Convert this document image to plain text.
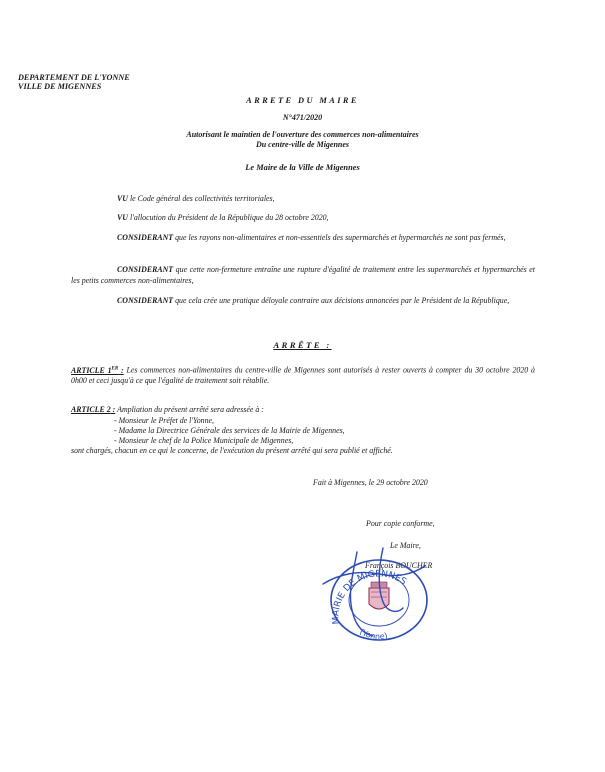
DEPARTEMENT DE L'YONNE
VILLE DE MIGENNES
ARRETE DU MAIRE
N°471/2020
Autorisant le maintien de l'ouverture des commerces non-alimentaires
Du centre-ville de Migennes
Le Maire de la Ville de Migennes
VU le Code général des collectivités territoriales,
VU l'allocution du Président de la République du 28 octobre 2020,
CONSIDERANT que les rayons non-alimentaires et non-essentiels des supermarchés et hypermarchés ne sont pas fermés,
CONSIDERANT que cette non-fermeture entraîne une rupture d'égalité de traitement entre les supermarchés et hypermarchés et les petits commerces non-alimentaires,
CONSIDERANT que cela crée une pratique déloyale contraire aux décisions annoncées par le Président de la République,
ARRÊTE :
ARTICLE 1ER : Les commerces non-alimentaires du centre-ville de Migennes sont autorisés à rester ouverts à compter du 30 octobre 2020 à 0h00 et ceci jusqu'à ce que l'égalité de traitement soit rétablie.
ARTICLE 2 : Ampliation du présent arrêté sera adressée à :
- Monsieur le Préfet de l'Yonne,
- Madame la Directrice Générale des services de la Mairie de Migennes,
- Monsieur le chef de la Police Municipale de Migennes,
sont chargés, chacun en ce qui le concerne, de l'exécution du présent arrêté qui sera publié et affiché.
Fait à Migennes, le 29 octobre 2020
Pour copie conforme,
Le Maire,
François BOUCHER
MAIRIE DE MIGENNES
(Yonne)
